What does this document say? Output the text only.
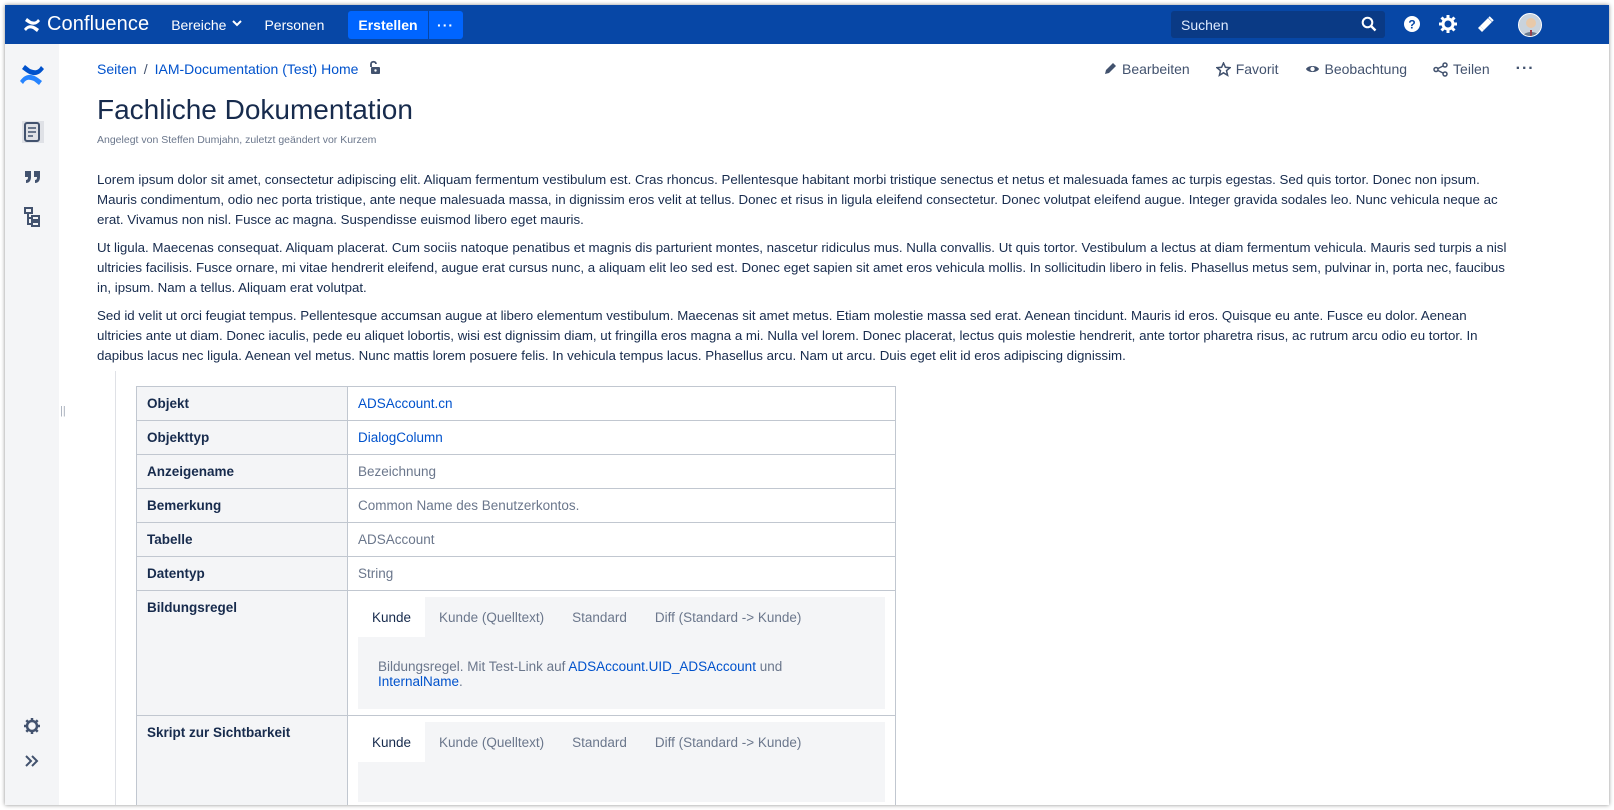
Confluence Bereiche	Personen	Erstellen	···	Suchen	?
||
Seiten / IAM-Documentation (Test) Home	Bearbeiten	Favorit	Beobachtung	Teilen ···
Fachliche Dokumentation
Angelegt von Steffen Dumjahn, zuletzt geändert vor Kurzem

Lorem ipsum dolor sit amet, consectetur adipiscing elit. Aliquam fermentum vestibulum est. Cras rhoncus. Pellentesque habitant morbi tristique senectus et netus et malesuada fames ac turpis egestas. Sed quis tortor. Donec non ipsum. Mauris condimentum, odio nec porta tristique, ante neque malesuada massa, in dignissim eros velit at tellus. Donec et risus in ligula eleifend consectetur. Donec volutpat eleifend augue. Integer gravida sodales leo. Nunc vehicula neque ac erat. Vivamus non nisl. Fusce ac magna. Suspendisse euismod libero eget mauris.

Ut ligula. Maecenas consequat. Aliquam placerat. Cum sociis natoque penatibus et magnis dis parturient montes, nascetur ridiculus mus. Nulla convallis. Ut quis tortor. Vestibulum a lectus at diam fermentum vehicula. Mauris sed turpis a nisl ultricies facilisis. Fusce ornare, mi vitae hendrerit eleifend, augue erat cursus nunc, a aliquam elit leo sed est. Donec eget sapien sit amet eros vehicula mollis. In sollicitudin libero in felis. Phasellus metus sem, pulvinar in, porta nec, faucibus in, ipsum. Nam a tellus. Aliquam erat volutpat.

Sed id velit ut orci feugiat tempus. Pellentesque accumsan augue at libero elementum vestibulum. Maecenas sit amet metus. Etiam molestie massa sed erat. Aenean tincidunt. Mauris id eros. Quisque eu ante. Fusce eu dolor. Aenean ultricies ante ut diam. Donec iaculis, pede eu aliquet lobortis, wisi est dignissim diam, ut fringilla eros magna a mi. Nulla vel lorem. Donec placerat, lectus quis molestie hendrerit, ante tortor pharetra risus, ac rutrum arcu odio eu tortor. In dapibus lacus nec ligula. Aenean vel metus. Nunc mattis lorem posuere felis. In vehicula tempus lacus. Phasellus arcu. Nam ut arcu. Duis eget elit id eros adipiscing dignissim.

Objekt	ADSAccount.cn
Objekttyp	DialogColumn
Anzeigename	Bezeichnung
Bemerkung	Common Name des Benutzerkontos.
Tabelle	ADSAccount
Datentyp	String
Bildungsregel	Kunde Kunde (Quelltext) Standard Diff (Standard -> Kunde)
Bildungsregel. Mit Test-Link auf ADSAccount.UID_ADSAccount und InternalName.

Skript zur Sichtbarkeit	Kunde Kunde (Quelltext) Standard Diff (Standard -> Kunde)
